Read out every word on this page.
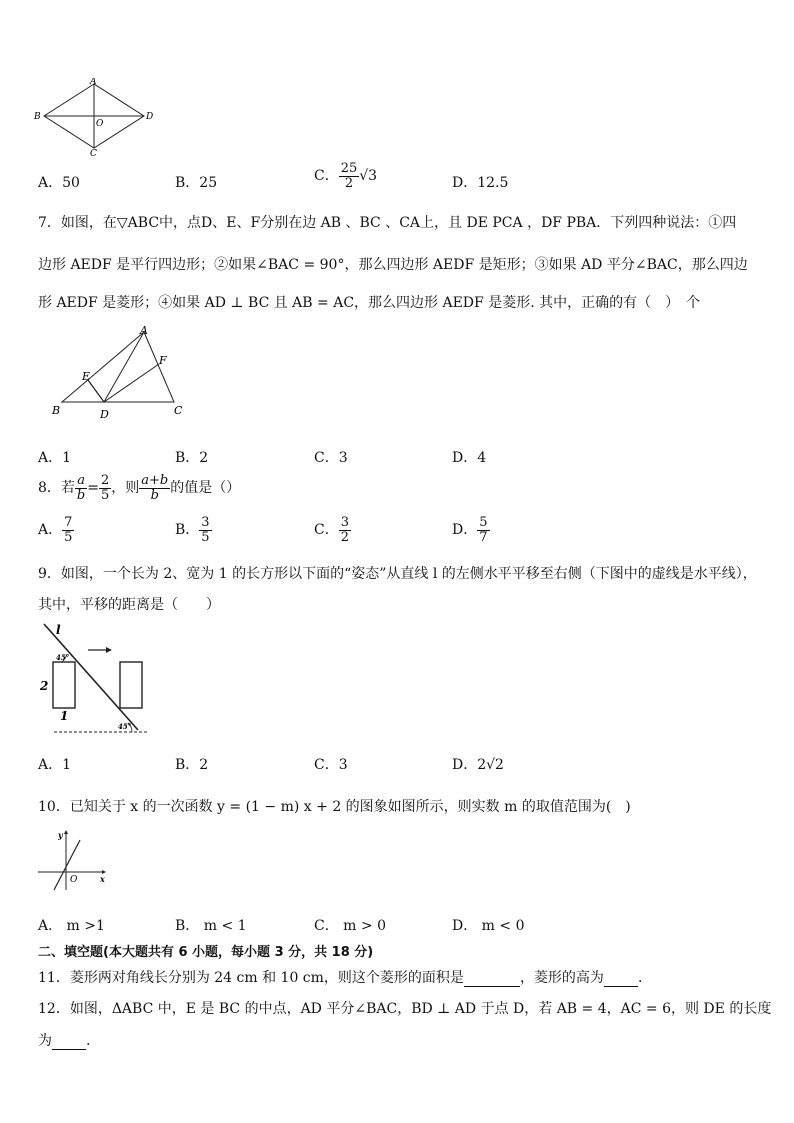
A
B	D
C
O
A．50	B．25	C． $\frac{25}{2} √3$	D．12.5
7．如图，在▽ABC中，点D、E、F分别在边 AB 、BC 、CA上，且 DE ΡCA ，DF ΡBA．下列四种说法：①四
边形 AEDF 是平行四边形；②如果∠BAC = 90°，那么四边形 AEDF 是矩形；③如果 AD 平分∠BAC，那么四边
形 AEDF 是菱形；④如果 AD ⊥ BC 且 AB = AC，那么四边形 AEDF 是菱形. 其中，正确的有（　）　个
A
B	C
D
E
F
A．1	B．2	C．3	D．4
8．若 $\frac{a}{b} = \frac{2}{5}$ ，则 $\frac{a+b}{b}$ 的值是（）
A． $\frac{7}{5}$	B． $\frac{3}{5}$	C． $\frac{3}{2}$	D． $\frac{5}{7}$
9．如图，一个长为 2、宽为 1 的长方形以下面的“姿态”从直线 l 的左侧水平平移至右侧（下图中的虚线是水平线），
其中，平移的距离是（　　）
l
45°
45°
2
1
A．1	B．2	C．3	D．2√2
10．已知关于 x 的一次函数 y = (1 − m) x + 2 的图象如图所示，则实数 m 的取值范围为(　)
y
x
O
A． m >1	B． m < 1	C． m > 0	D． m < 0
二、填空题(本大题共有 6 小题，每小题 3 分，共 18 分)
11．菱形两对角线长分别为 24 cm 和 10 cm，则这个菱形的面积是	，菱形的高为 .
12．如图，ΔABC 中，E 是 BC 的中点，AD 平分∠BAC，BD ⊥ AD 于点 D，若 AB = 4，AC = 6，则 DE 的长度
为 .
